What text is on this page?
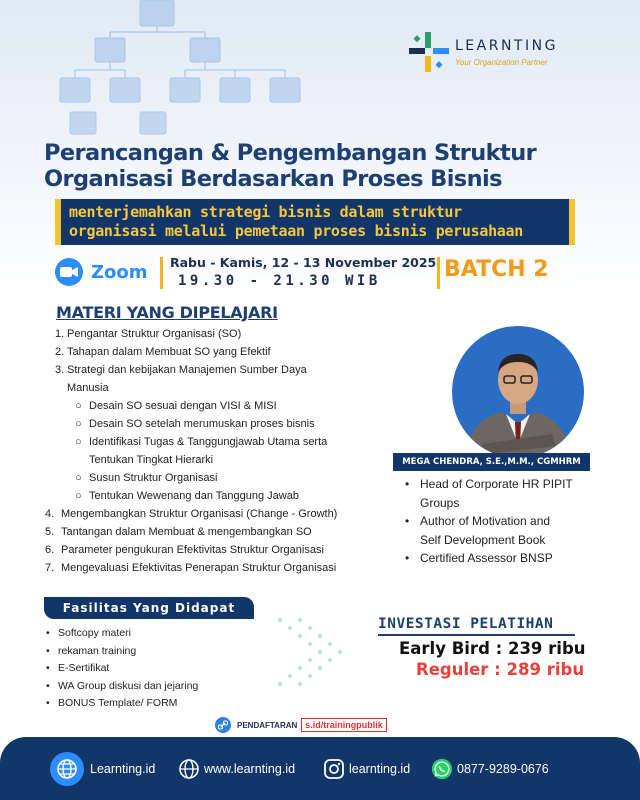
LEARNTING
Your Organization Partner
Perancangan & Pengembangan Struktur
Organisasi Berdasarkan Proses Bisnis
menterjemahkan strategi bisnis dalam struktur
organisasi melalui pemetaan proses bisnis perusahaan
Zoom Rabu - Kamis, 12 - 13 November 2025
19.30 - 21.30 WIB	BATCH 2
MATERI YANG DIPELAJARI
1. Pengantar Struktur Organisasi (SO)
2. Tahapan dalam Membuat SO yang Efektif
3. Strategi dan kebijakan Manajemen Sumber Daya
Manusia
○ Desain SO sesuai dengan VISI & MISI
○ Desain SO setelah merumuskan proses bisnis
○ Identifikasi Tugas & Tanggungjawab Utama serta
Tentukan Tingkat Hierarki
○ Susun Struktur Organisasi
○ Tentukan Wewenang dan Tanggung Jawab
4. Mengembangkan Struktur Organisasi (Change - Growth)
5. Tantangan dalam Membuat & mengembangkan SO
6. Parameter pengukuran Efektivitas Struktur Organisasi
7. Mengevaluasi Efektivitas Penerapan Struktur Organisasi
MEGA CHENDRA, S.E.,M.M., CGMHRM
• Head of Corporate HR PIPIT
Groups
• Author of Motivation and
Self Development Book
• Certified Assessor BNSP
Fasilitas Yang Didapat
• Softcopy materi
• rekaman training
• E-Sertifikat
• WA Group diskusi dan jejaring
• BONUS Template/ FORM
INVESTASI PELATIHAN
Early Bird : 239 ribu
Reguler : 289 ribu
PENDAFTARAN s.id/trainingpublik
Learnting.id	www.learnting.id	learnting.id	0877-9289-0676
